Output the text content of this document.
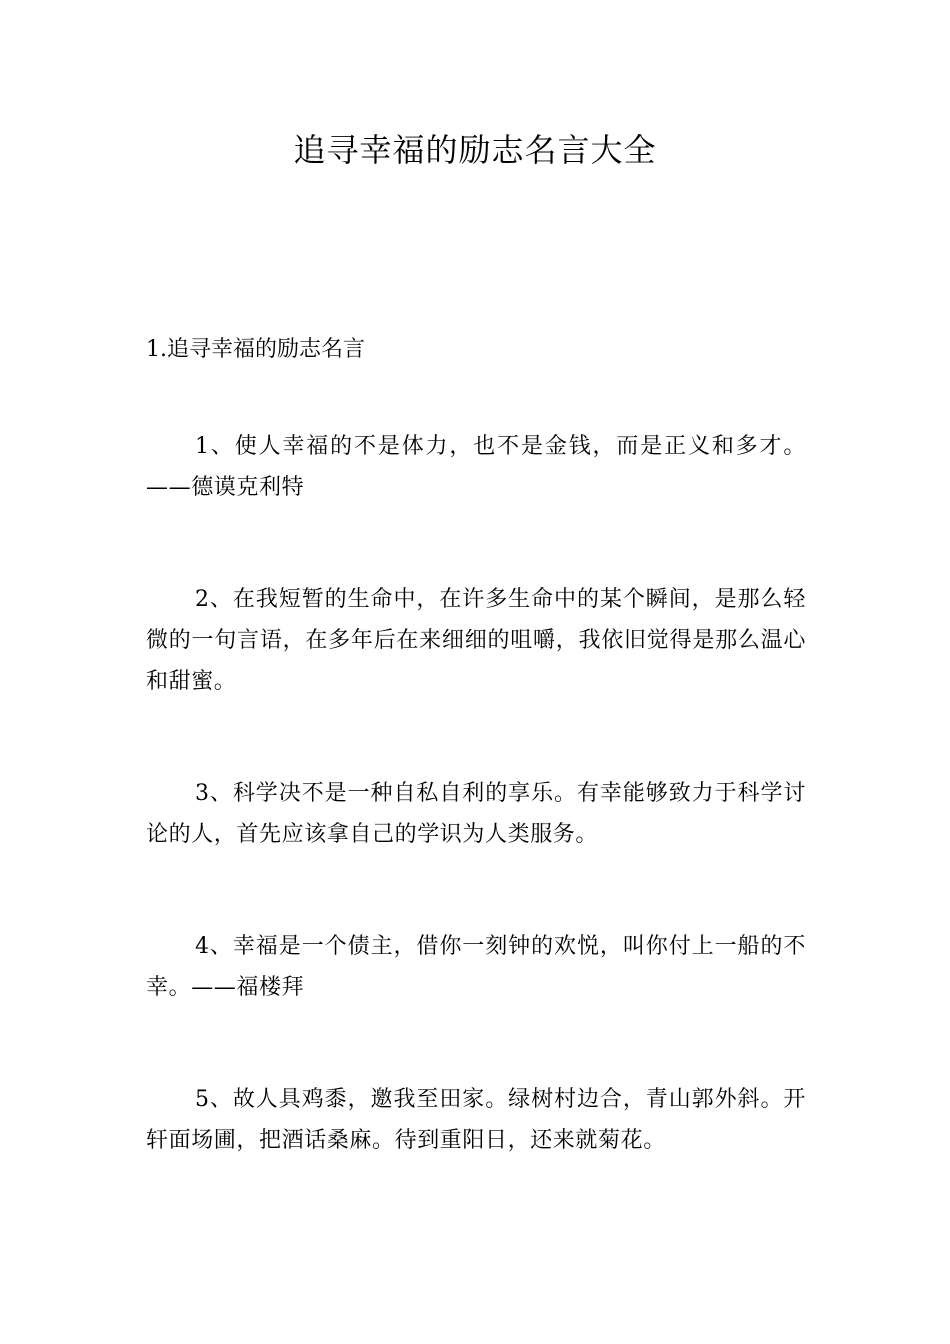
追寻幸福的励志名言大全
1.追寻幸福的励志名言

1、使人幸福的不是体力，也不是金钱，而是正义和多才。——德谟克利特

2、在我短暂的生命中，在许多生命中的某个瞬间，是那么轻微的一句言语，在多年后在来细细的咀嚼，我依旧觉得是那么温心和甜蜜。

3、科学决不是一种自私自利的享乐。有幸能够致力于科学讨论的人，首先应该拿自己的学识为人类服务。

4、幸福是一个债主，借你一刻钟的欢悦，叫你付上一船的不幸。——福楼拜

5、故人具鸡黍，邀我至田家。绿树村边合，青山郭外斜。开轩面场圃，把酒话桑麻。待到重阳日，还来就菊花。
